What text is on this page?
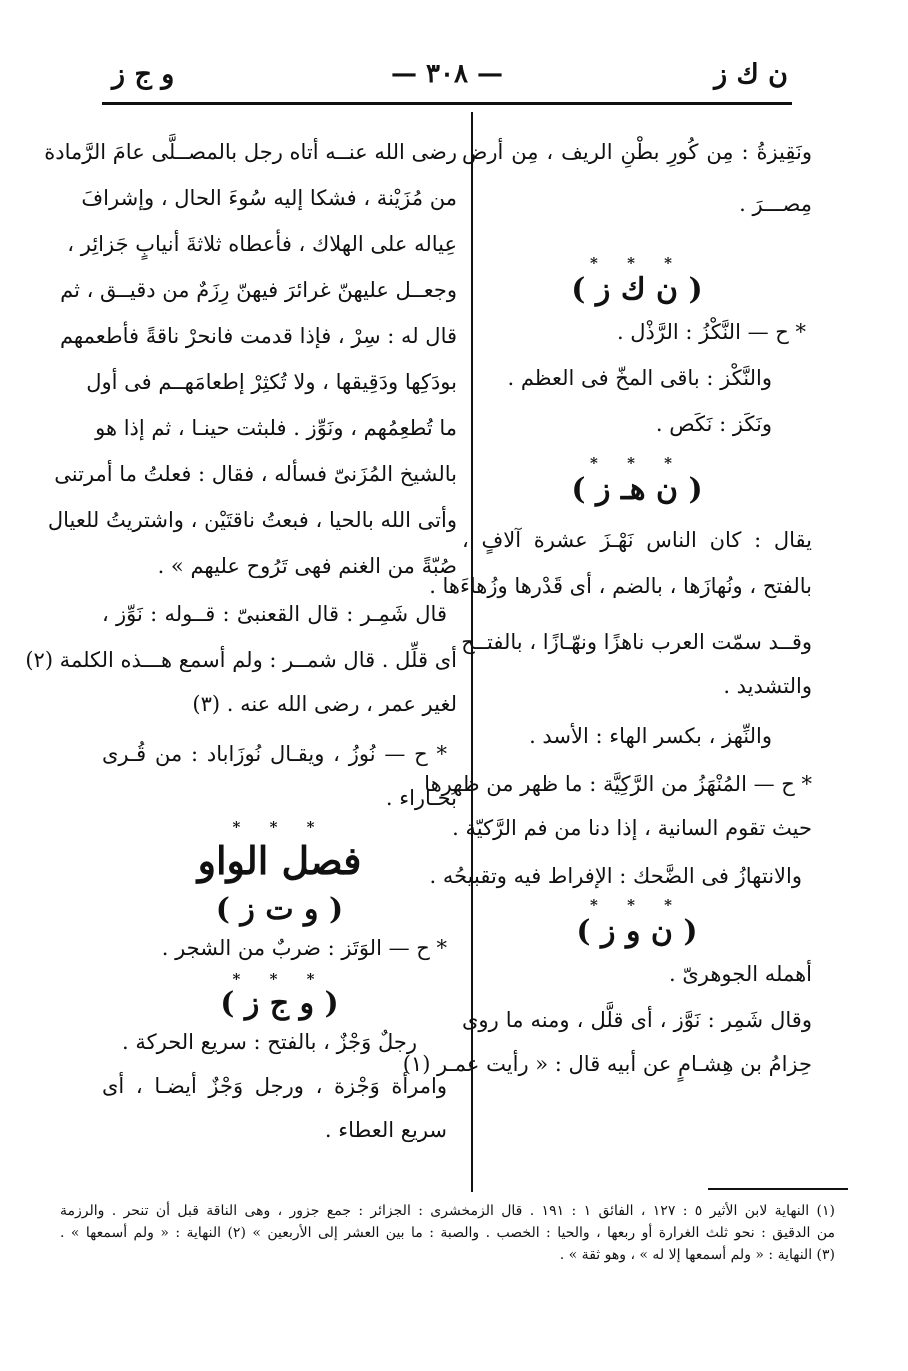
ن ك ز
— ٣٠٨ —
و ج ز
ونَقِيزةُ : مِن كُورِ بطْنِ الريف ، مِن أرض
مِصـــرَ .
* * *
( ن ك ز )
* ح — النَّكْزُ : الرَّذْل .
والنَّكْز : باقى المخّ فى العظم .
ونَكَز : نَكَص .
* * *
( ن هـ ز )
يقال : كان الناس نَهْـزَ عشرة آلافٍ ،
بالفتح ، ونُهازَها ، بالضم ، أى قَدْرها وزُهاءَها .
وقــد سمّت العرب ناهزًا ونهّـازًا ، بالفتــح
والتشديد .
والنِّهز ، بكسر الهاء : الأسد .
* ح — المُنْهَزُ من الرَّكِيَّة : ما ظهر من ظهرها
حيث تقوم السانية ، إذا دنا من فم الرَّكيّة .
والانتهازُ فى الضَّحك : الإفراط فيه وتقبيحُه .
* * *
( ن و ز )
أهمله الجوهرىّ .
وقال شَمِر : نَوَّز ، أى قلَّل ، ومنه ما روى
حِزامُ بن هِشـامٍ عن أبيه قال : « رأيت عمـر (١)
رضى الله عنــه أتاه رجل بالمصــلَّى عامَ الرَّمادة
من مُزَيْنة ، فشكا إليه سُوءَ الحال ، وإشرافَ
عِياله على الهلاك ، فأعطاه ثلاثةَ أنيابٍ جَزائِر ،
وجعــل عليهنّ غرائرَ فيهنّ رِزَمٌ من دقيــق ، ثم
قال له : سِرْ ، فإذا قدمت فانحرْ ناقةً فأطعمهم
بودَكِها ودَقِيقها ، ولا تُكثِرْ إطعامَهــم فى أول
ما تُطعِمُهم ، ونَوِّز . فلبثت حينـا ، ثم إذا هو
بالشيخ المُزَنىّ فسأله ، فقال : فعلتُ ما أمرتنى
وأتى الله بالحيا ، فبعتُ ناقتَيْن ، واشتريتُ للعيال
صُبّةً من الغنم فهى تَرُوح عليهم » .
قال شَمِـر : قال القعنبىّ : قــوله : نَوِّز ،
أى قلِّل . قال شمــر : ولم أسمع هـــذه الكلمة (٢)
لغير عمر ، رضى الله عنه . (٣)
* ح — نُوزُ ، ويقـال نُوزَاباد : من قُـرى
بُخـاراء .
* * *
فصل الواو
( و ت ز )
* ح — الوَتَز : ضربٌ من الشجر .
* * *
( و ج ز )
رجلٌ وَجْزٌ ، بالفتح : سريع الحركة .
وامرأة وَجْزة ، ورجل وَجْزٌ أيضـا ، أى
سريع العطاء .
(١) النهاية لابن الأثير ٥ : ١٢٧ ، الفائق ١ : ١٩١ . قال الزمخشرى : الجزائر : جمع جزور ، وهى الناقة قبل أن تنحر . والرزمة
من الدقيق : نحو ثلث الغرارة أو ربعها ، والحيا : الخصب . والصبة : ما بين العشر إلى الأربعين » (٢) النهاية : « ولم أسمعها » .
(٣) النهاية : « ولم أسمعها إلا له » ، وهو ثقة » .
